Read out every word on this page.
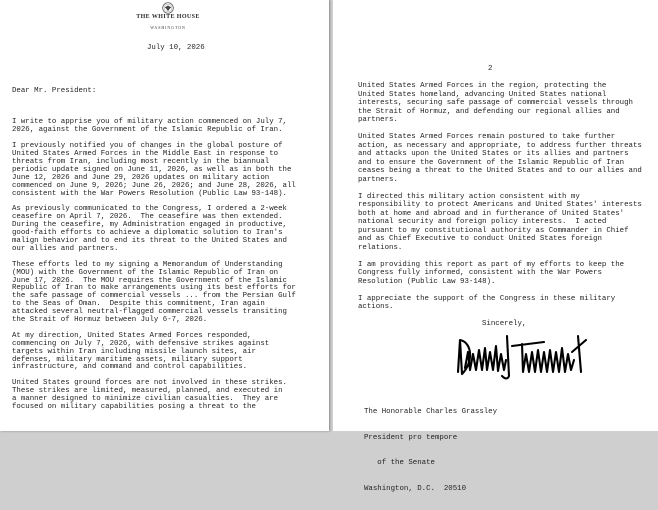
THE WHITE HOUSE
WASHINGTON
July 10, 2026

Dear Mr. President:

I write to apprise you of military action commenced on July 7,
2026, against the Government of the Islamic Republic of Iran.
I previously notified you of changes in the global posture of
United States Armed Forces in the Middle East in response to
threats from Iran, including most recently in the biannual
periodic update signed on June 11, 2026, as well as in both the
June 12, 2026 and June 29, 2026 updates on military action
commenced on June 9, 2026; June 26, 2026; and June 28, 2026, all
consistent with the War Powers Resolution (Public Law 93-148).
As previously communicated to the Congress, I ordered a 2-week
ceasefire on April 7, 2026.  The ceasefire was then extended.
During the ceasefire, my Administration engaged in productive,
good-faith efforts to achieve a diplomatic solution to Iran's
malign behavior and to end its threat to the United States and
our allies and partners.
These efforts led to my signing a Memorandum of Understanding
(MOU) with the Government of the Islamic Republic of Iran on
June 17, 2026.  The MOU requires the Government of the Islamic
Republic of Iran to make arrangements using its best efforts for
the safe passage of commercial vessels ... from the Persian Gulf
to the Seas of Oman.  Despite this commitment, Iran again
attacked several neutral-flagged commercial vessels transiting
the Strait of Hormuz between July 6-7, 2026.
At my direction, United States Armed Forces responded,
commencing on July 7, 2026, with defensive strikes against
targets within Iran including missile launch sites, air
defenses, military maritime assets, military support
infrastructure, and command and control capabilities.
United States ground forces are not involved in these strikes.
These strikes are limited, measured, planned, and executed in
a manner designed to minimize civilian casualties.  They are
focused on military capabilities posing a threat to the
2
United States Armed Forces in the region, protecting the
United States homeland, advancing United States national
interests, securing safe passage of commercial vessels through
the Strait of Hormuz, and defending our regional allies and
partners.
United States Armed Forces remain postured to take further
action, as necessary and appropriate, to address further threats
and attacks upon the United States or its allies and partners
and to ensure the Government of the Islamic Republic of Iran
ceases being a threat to the United States and to our allies and
partners.
I directed this military action consistent with my
responsibility to protect Americans and United States' interests
both at home and abroad and in furtherance of United States'
national security and foreign policy interests.  I acted
pursuant to my constitutional authority as Commander in Chief
and as Chief Executive to conduct United States foreign
relations.
I am providing this report as part of my efforts to keep the
Congress fully informed, consistent with the War Powers
Resolution (Public Law 93-148).
I appreciate the support of the Congress in these military
actions.
Sincerely,

The Honorable Charles Grassley

President pro tempore

of the Senate

Washington, D.C.  20510
